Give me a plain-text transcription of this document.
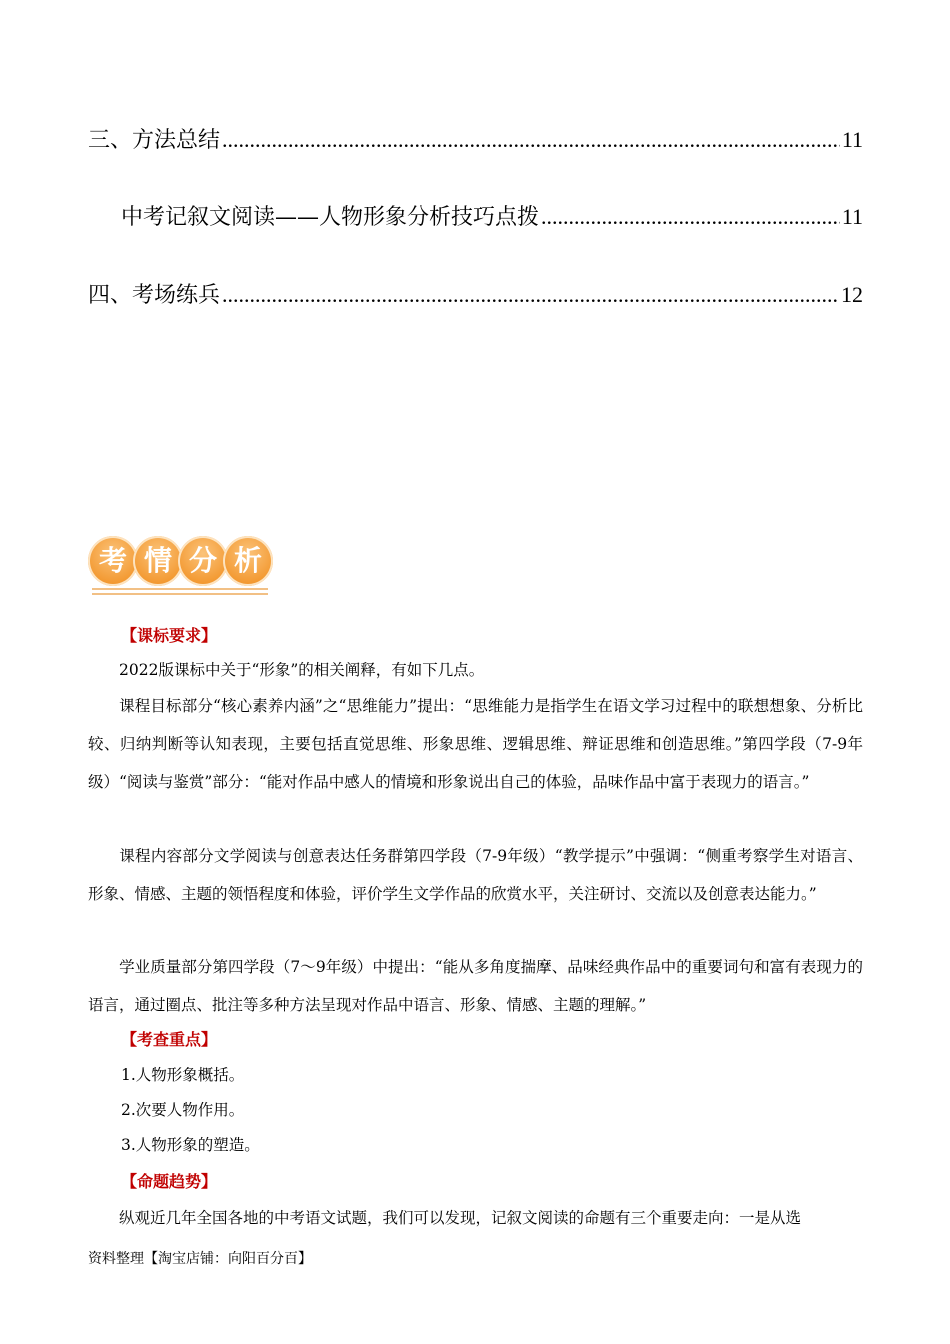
三、方法总结 .....	11
中考记叙文阅读——人物形象分析技巧点拨 .....	11
四、考场练兵 .....	12
考 情 分 析
【课标要求】
2022版课标中关于“形象”的相关阐释，有如下几点。
课程目标部分“核心素养内涵”之“思维能力”提出：“思维能力是指学生在语文学习过程中的联想想象、分析比较、归纳判断等认知表现，主要包括直觉思维、形象思维、逻辑思维、辩证思维和创造思维。”第四学段（7-9年级）“阅读与鉴赏”部分：“能对作品中感人的情境和形象说出自己的体验，品味作品中富于表现力的语言。”
课程内容部分文学阅读与创意表达任务群第四学段（7-9年级）“教学提示”中强调：“侧重考察学生对语言、形象、情感、主题的领悟程度和体验，评价学生文学作品的欣赏水平，关注研讨、交流以及创意表达能力。”
学业质量部分第四学段（7～9年级）中提出：“能从多角度揣摩、品味经典作品中的重要词句和富有表现力的语言，通过圈点、批注等多种方法呈现对作品中语言、形象、情感、主题的理解。”
【考查重点】
1.人物形象概括。
2.次要人物作用。
3.人物形象的塑造。
【命题趋势】
纵观近几年全国各地的中考语文试题，我们可以发现，记叙文阅读的命题有三个重要走向：一是从选
资料整理【淘宝店铺：向阳百分百】
